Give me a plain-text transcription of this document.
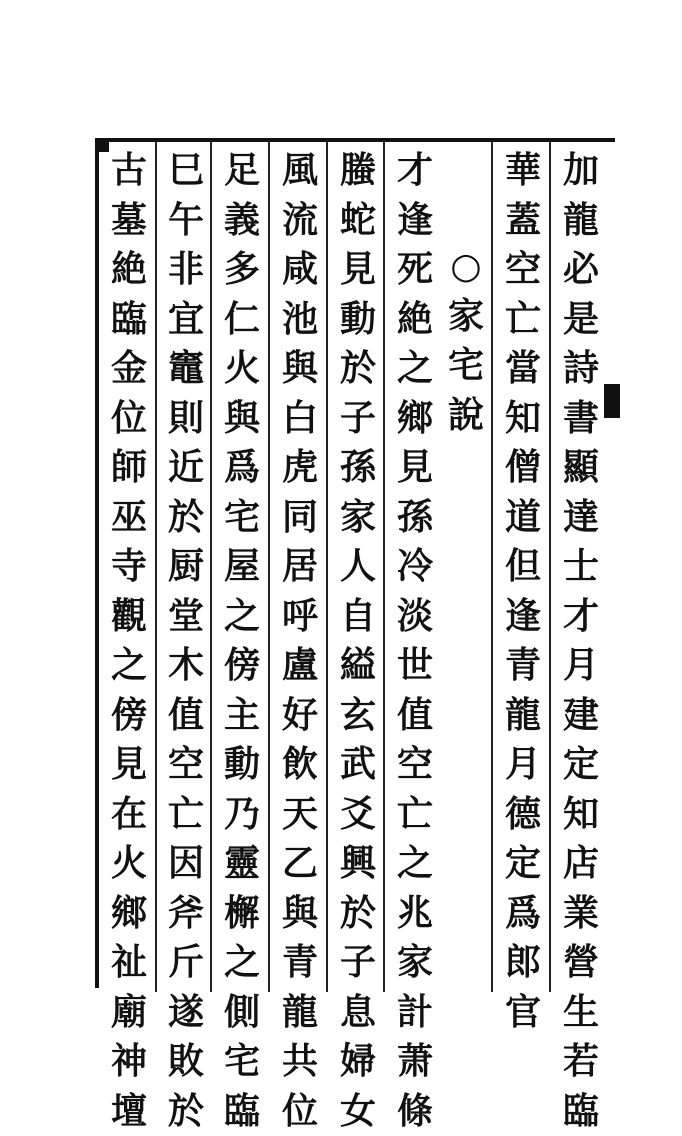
加
龍
必
是
詩
書
顯
達
士
才
月
建
定
知
店
業
營
生
若
臨
華
蓋
空
亡
當
知
僧
道
但
逢
青
龍
月
德
定
爲
郎
官
○
家
宅
說
才
逢
死
絶
之
鄉
見
孫
冷
淡
世
值
空
亡
之
兆
家
計
萧
條
螣
蛇
見
動
於
子
孫
家
人
自
縊
玄
武
爻
興
於
子
息
婦
女
風
流
咸
池
與
白
虎
同
居
呼
盧
好
飲
天
乙
與
青
龍
共
位
足
義
多
仁
火
與
爲
宅
屋
之
傍
主
動
乃
靈
檞
之
側
宅
臨
巳
午
非
宜
竈
則
近
於
厨
堂
木
值
空
亡
因
斧
斤
遂
敗
於
古
墓
絶
臨
金
位
師
巫
寺
觀
之
傍
見
在
火
鄉
祉
廟
神
壇
